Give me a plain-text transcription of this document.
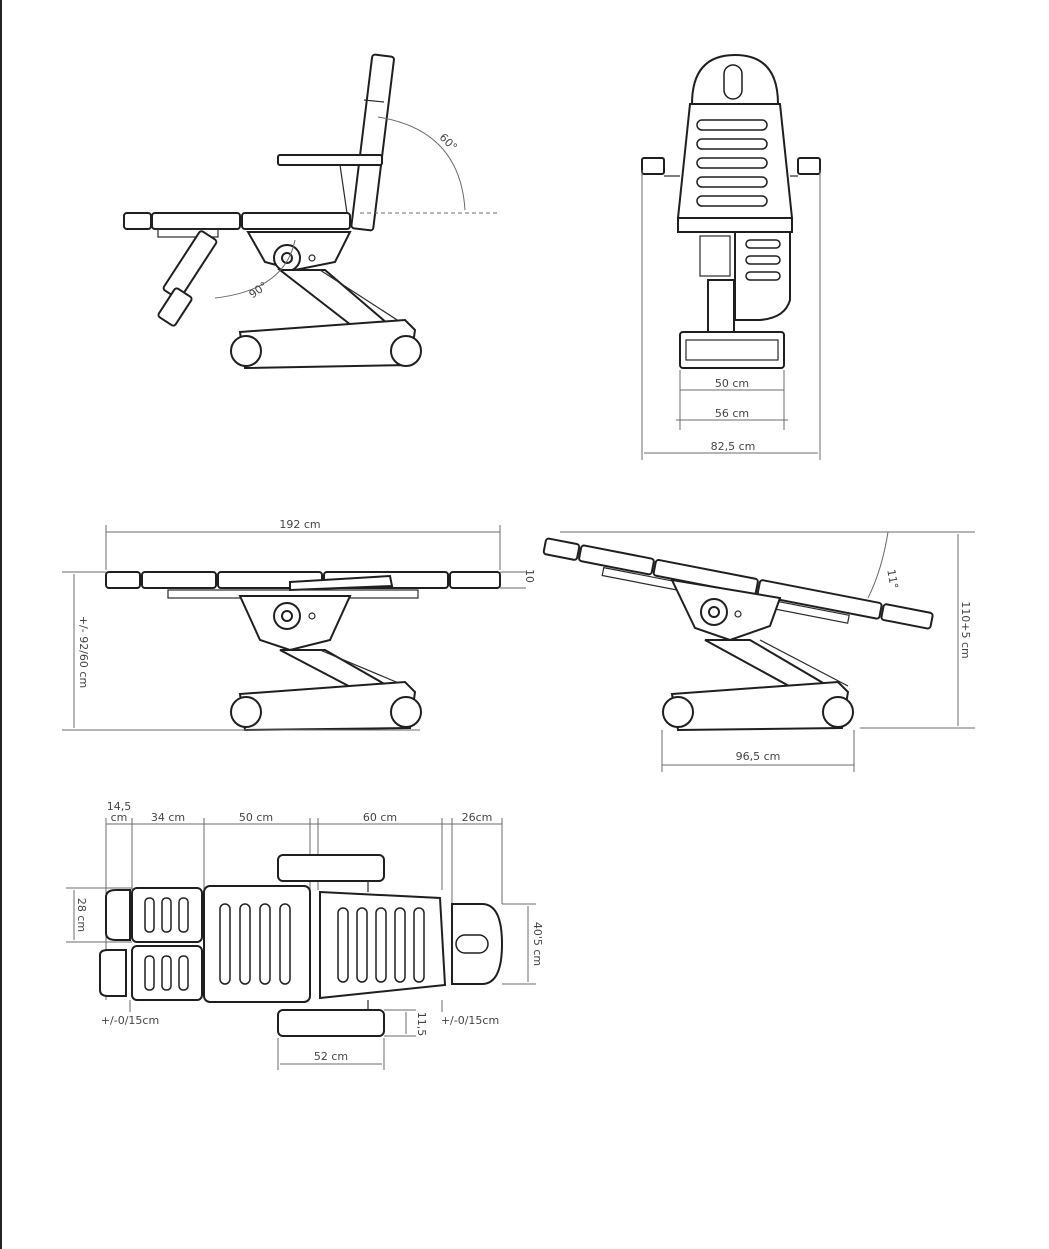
60°
90°
50 cm
56 cm
82,5 cm
192 cm
10
+/- 92/60 cm	110+5 cm
11°
96,5 cm
14,5
cm 34 cm	50 cm	60 cm	26cm
28 cm
40'5 cm
11,5
+/-0/15cm	+/-0/15cm
52 cm
